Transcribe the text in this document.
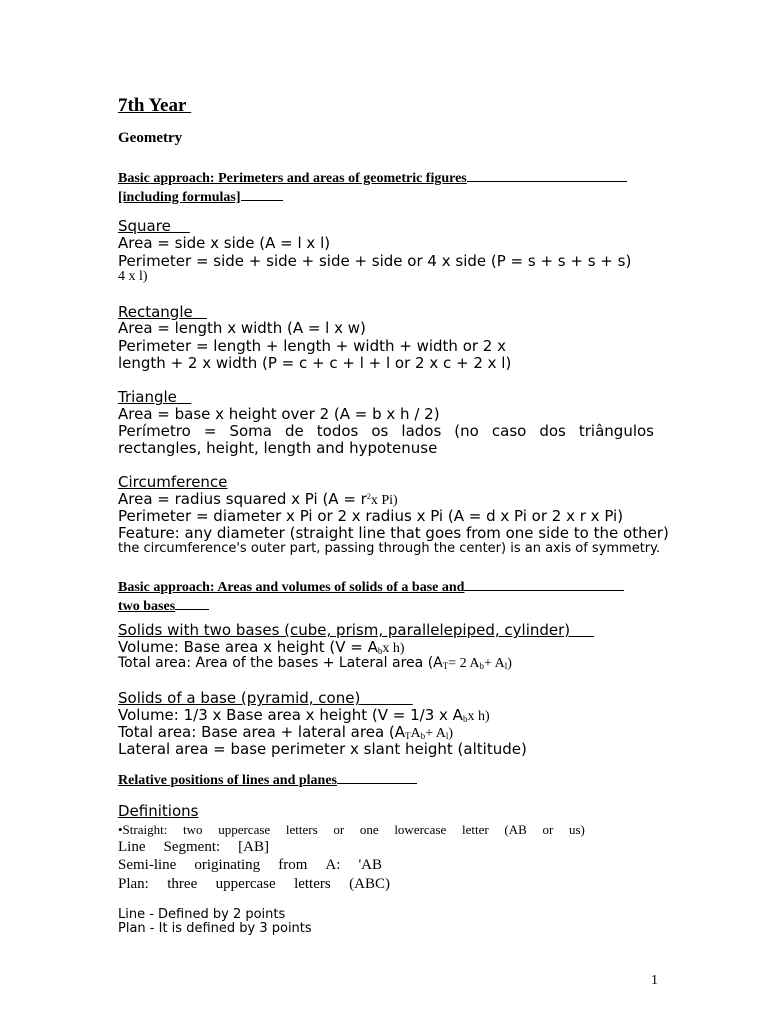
7th Year
Geometry
Basic approach: Perimeters and areas of geometric figures
[including formulas]
Square
Area = side x side (A = l x l)
Perimeter = side + side + side + side or 4 x side (P = s + s + s + s)
4 x l)
Rectangle
Area = length x width (A = l x w)
Perimeter = length + length + width + width or 2 x
length + 2 x width (P = c + c + l + l or 2 x c + 2 x l)
Triangle
Area = base x height over 2 (A = b x h / 2)
Perímetro = Soma de todos os lados (no caso dos triângulos
rectangles, height, length and hypotenuse
Circumference
Area = radius squared x Pi ($A = r^2x$ Pi)
Perimeter = diameter x Pi or 2 x radius x Pi (A = d x Pi or 2 x r x Pi)
Feature: any diameter (straight line that goes from one side to the other)
the circumference's outer part, passing through the center) is an axis of symmetry.
Basic approach: Areas and volumes of solids of a base and
two bases
Solids with two bases (cube, prism, parallelepiped, cylinder)
Volume: Base area x height ($V = A_bx$ h)
Total area: Area of the bases + Lateral area ($A_T= 2$ $A_b+ A_l$)
Solids of a base (pyramid, cone)
Volume: 1/3 x Base area x height (V = 1/3 x $A_bx$ h)
Total area: Base area + lateral area $(A_TA_b+ A_l)$
Lateral area = base perimeter x slant height (altitude)
Relative positions of lines and planes
Definitions
•Straight: two uppercase letters or one lowercase letter (AB or us)
Line Segment: [AB]
Semi-line originating from A: 'AB
Plan: three uppercase letters (ABC)
Line - Defined by 2 points
Plan - It is defined by 3 points
1
